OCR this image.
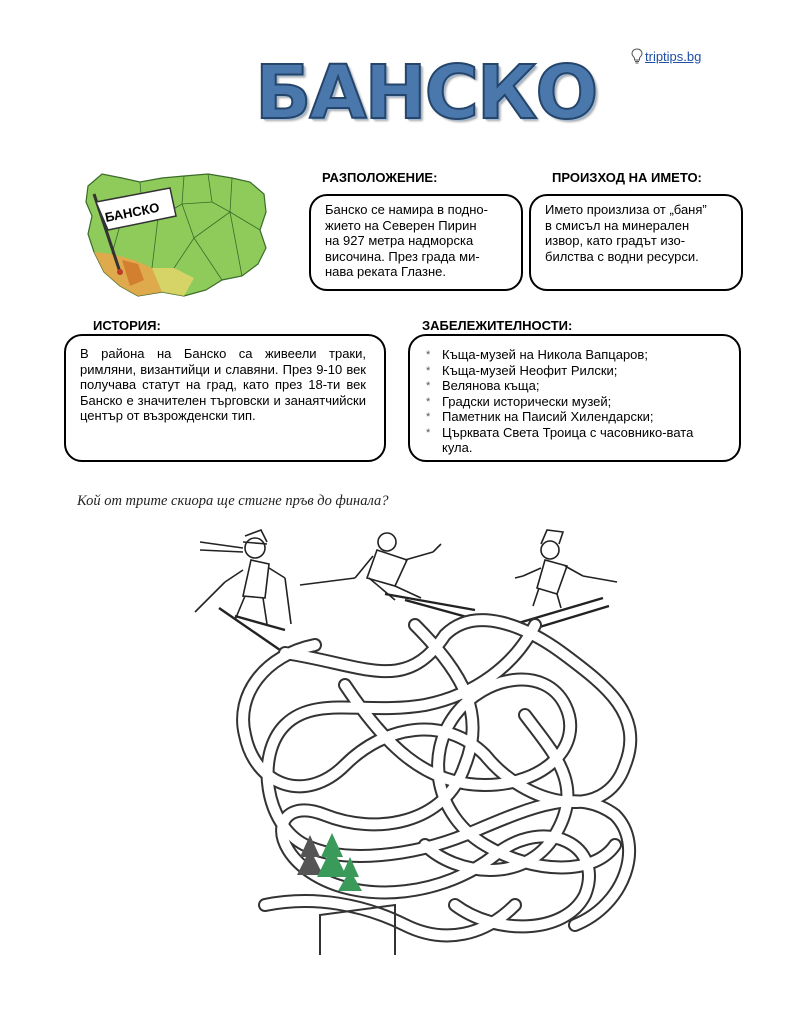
triptips.bg
БАНСКО
БАНСКО
РАЗПОЛОЖЕНИЕ:

Банско се намира в подно-
жието на Северен Пирин
на 927 метра надморска
височина. През града ми-
нава реката Глазне.

ПРОИЗХОД НА ИМЕТО:

Името произлиза от „баня”
в смисъл на минерален
извор, като градът изо-
билства с водни ресурси.

ИСТОРИЯ:

В района на Банско са живеели траки, римляни, византийци и славяни. През 9-10 век получава статут на град, като през 18-ти век Банско е значителен търговски и занаятчийски център от възрожденски тип.

ЗАБЕЛЕЖИТЕЛНОСТИ:
* Къща-музей на Никола Вапцаров;
* Къща-музей Неофит Рилски;
* Велянова къща;
* Градски исторически музей;
* Паметник на Паисий Хилендарски;
* Църквата Света Троица с часовнико-вата кула.
Кой от трите скиора ще стигне пръв до финала?
